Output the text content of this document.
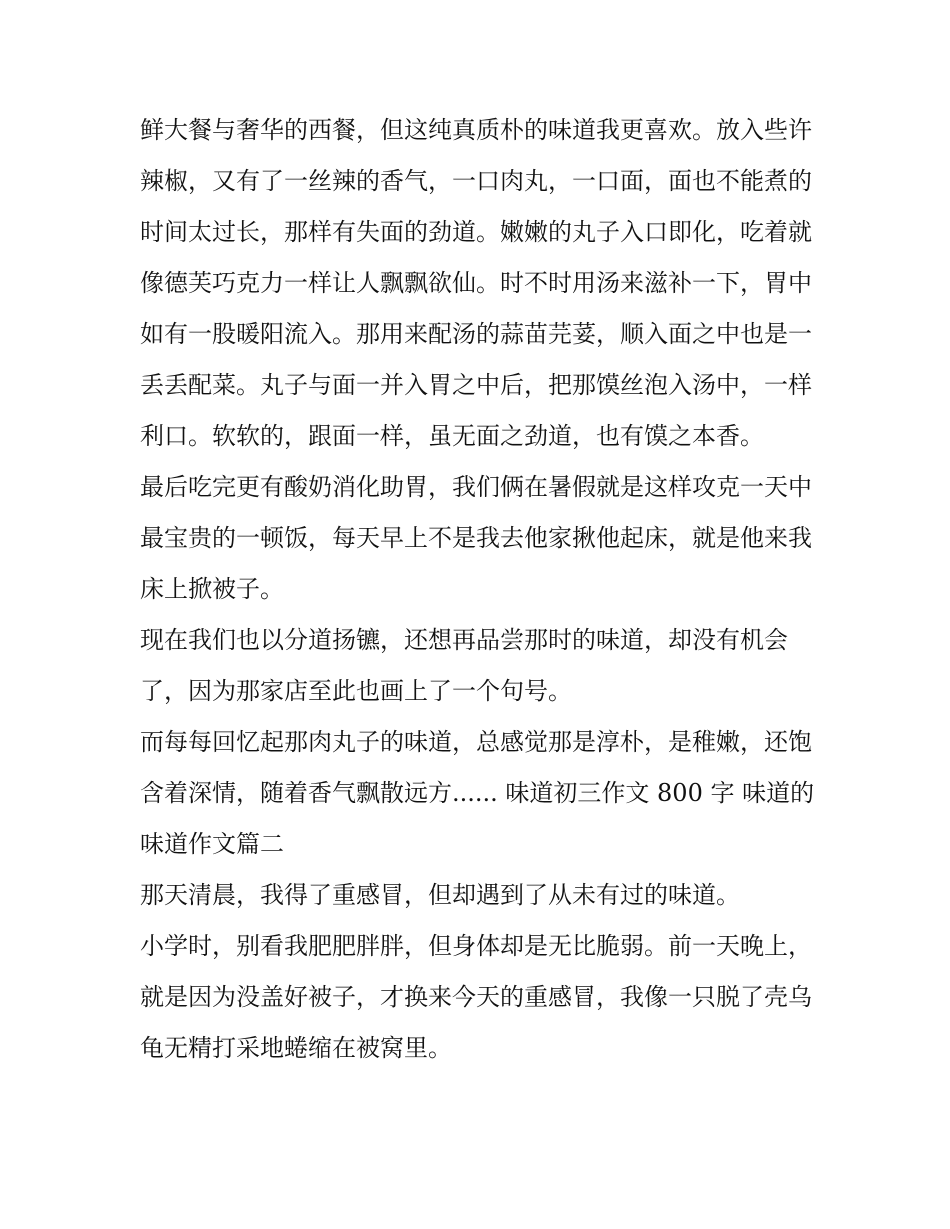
鲜大餐与奢华的西餐，但这纯真质朴的味道我更喜欢。放入些许辣椒，又有了一丝辣的香气，一口肉丸，一口面，面也不能煮的时间太过长，那样有失面的劲道。嫩嫩的丸子入口即化，吃着就像德芙巧克力一样让人飘飘欲仙。时不时用汤来滋补一下，胃中如有一股暖阳流入。那用来配汤的蒜苗芫荽，顺入面之中也是一丢丢配菜。丸子与面一并入胃之中后，把那馍丝泡入汤中，一样利口。软软的，跟面一样，虽无面之劲道，也有馍之本香。

最后吃完更有酸奶消化助胃，我们俩在暑假就是这样攻克一天中最宝贵的一顿饭，每天早上不是我去他家揪他起床，就是他来我床上掀被子。

现在我们也以分道扬镳，还想再品尝那时的味道，却没有机会了，因为那家店至此也画上了一个句号。

而每每回忆起那肉丸子的味道，总感觉那是淳朴，是稚嫩，还饱含着深情，随着香气飘散远方...... 味道初三作文 800 字 味道的味道作文篇二

那天清晨，我得了重感冒，但却遇到了从未有过的味道。

小学时，别看我肥肥胖胖，但身体却是无比脆弱。前一天晚上，就是因为没盖好被子，才换来今天的重感冒，我像一只脱了壳乌龟无精打采地蜷缩在被窝里。
